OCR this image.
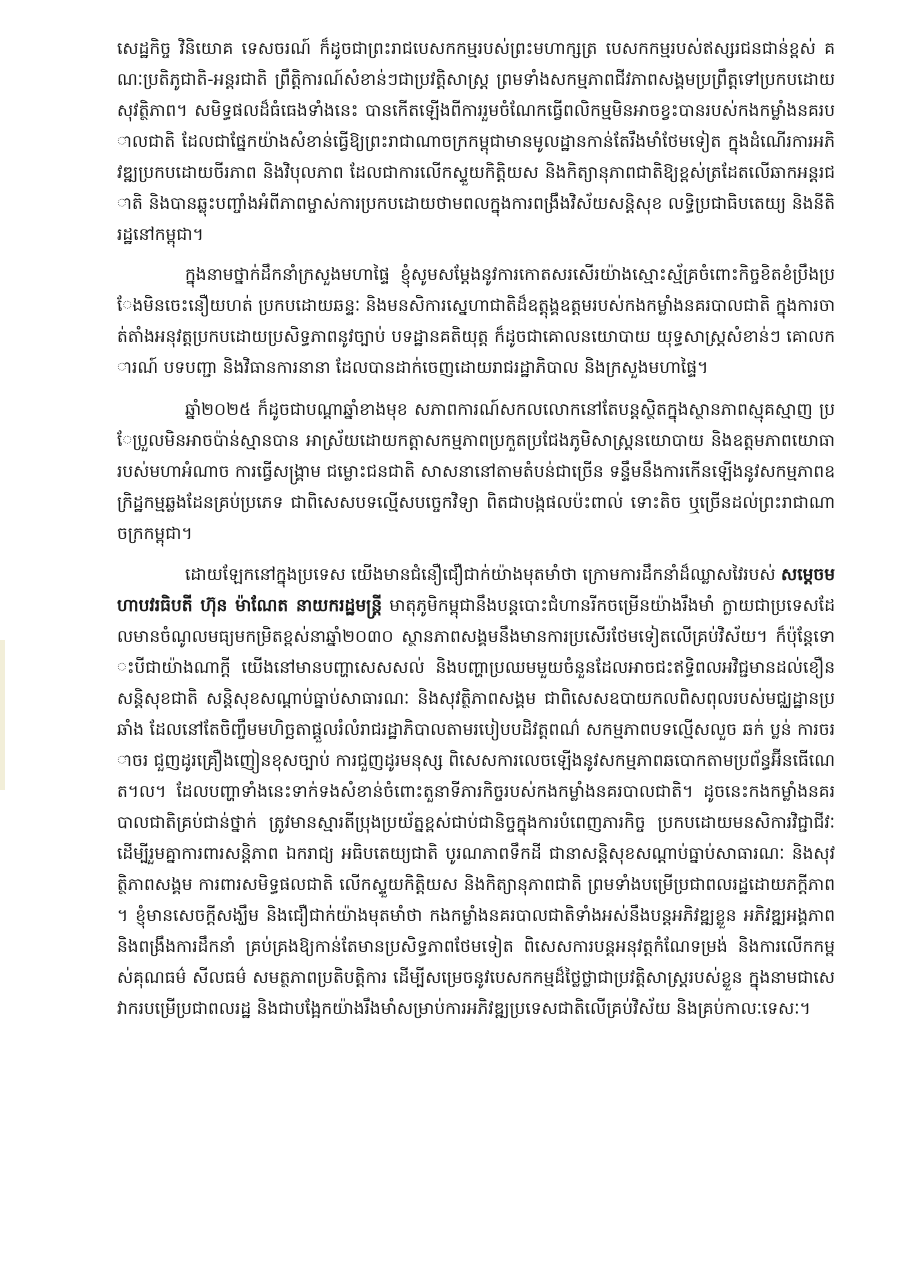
សេដ្ឋកិច្ច វិនិយោគ ទេសចរណ៍ ក៏ដូចជាព្រះរាជបេសកកម្មរបស់ព្រះមហាក្សត្រ បេសកកម្មរបស់ឥស្សរជនជាន់ខ្ពស់ គណៈប្រតិភូជាតិ-អន្តរជាតិ ព្រឹត្តិការណ៍សំខាន់ៗជាប្រវត្តិសាស្ត្រ ព្រមទាំងសកម្មភាពជីវភាពសង្គមប្រព្រឹត្តទៅប្រកបដោយសុវត្ថិភាព។ សមិទ្ធផលដ៏ធំធេងទាំងនេះ បានកើតឡើងពីការរួមចំណែកធ្វើពលិកម្មមិនអាចខ្វះបានរបស់កងកម្លាំងនគរបាលជាតិ ដែលជាផ្នែកយ៉ាងសំខាន់ធ្វើឱ្យព្រះរាជាណាចក្រកម្ពុជាមានមូលដ្ឋានកាន់តែរឹងមាំថែមទៀត ក្នុងដំណើរការអភិវឌ្ឍប្រកបដោយចីរភាព និងវិបុលភាព ដែលជាការលើកស្ទួយកិត្តិយស និងកិត្យានុភាពជាតិឱ្យខ្ពស់ត្រដែតលើឆាកអន្តរជាតិ និងបានឆ្លុះបញ្ចាំងអំពីភាពម្ចាស់ការប្រកបដោយថាមពលក្នុងការពង្រឹងវិស័យសន្តិសុខ លទ្ធិប្រជាធិបតេយ្យ និងនីតិរដ្ឋនៅកម្ពុជា។

ក្នុងនាមថ្នាក់ដឹកនាំក្រសួងមហាផ្ទៃ ខ្ញុំសូមសម្តែងនូវការកោតសរសើរយ៉ាងស្មោះស្ម័គ្រចំពោះកិច្ចខិតខំប្រឹងប្រែងមិនចេះនឿយហត់ ប្រកបដោយឆន្ទៈ និងមនសិការស្នេហាជាតិដ៏ឧត្តុង្គឧត្តមរបស់កងកម្លាំងនគរបាលជាតិ ក្នុងការចាត់តាំងអនុវត្តប្រកបដោយប្រសិទ្ធភាពនូវច្បាប់ បទដ្ឋានគតិយុត្ត ក៏ដូចជាគោលនយោបាយ យុទ្ធសាស្ត្រសំខាន់ៗ គោលការណ៍ បទបញ្ជា និងវិធានការនានា ដែលបានដាក់ចេញដោយរាជរដ្ឋាភិបាល និងក្រសួងមហាផ្ទៃ។

ឆ្នាំ២០២៥ ក៏ដូចជាបណ្តាឆ្នាំខាងមុខ សភាពការណ៍សកលលោកនៅតែបន្តស្ថិតក្នុងស្ថានភាពស្មុគស្មាញ ប្រែប្រួលមិនអាចប៉ាន់ស្មានបាន អាស្រ័យដោយកត្តាសកម្មភាពប្រកួតប្រជែងភូមិសាស្ត្រនយោបាយ និងឧត្តមភាពយោធារបស់មហាអំណាច ការធ្វើសង្គ្រាម ជម្លោះជនជាតិ សាសនានៅតាមតំបន់ជាច្រើន ទន្ទឹមនឹងការកើនឡើងនូវសកម្មភាពឧក្រិដ្ឋកម្មឆ្លងដែនគ្រប់ប្រភេទ ជាពិសេសបទល្មើសបច្ចេកវិទ្យា ពិតជាបង្កផលប៉ះពាល់ ទោះតិច ឬច្រើនដល់ព្រះរាជាណាចក្រកម្ពុជា។

ដោយឡែកនៅក្នុងប្រទេស យើងមានជំនឿជឿជាក់យ៉ាងមុតមាំថា ក្រោមការដឹកនាំដ៏ឈ្លាសវៃរបស់ សម្តេចមហាបវរធិបតី ហ៊ុន ម៉ាណែត នាយករដ្ឋមន្ត្រី មាតុភូមិកម្ពុជានឹងបន្តបោះជំហានរីកចម្រើនយ៉ាងរឹងមាំ ក្លាយជាប្រទេសដែលមានចំណូលមធ្យមកម្រិតខ្ពស់នាឆ្នាំ២០៣០ ស្ថានភាពសង្គមនឹងមានការប្រសើរថែមទៀតលើគ្រប់វិស័យ។ ក៏ប៉ុន្តែទោះបីជាយ៉ាងណាក្តី យើងនៅមានបញ្ហាសេសសល់ និងបញ្ហាប្រឈមមួយចំនួនដែលអាចជះឥទ្ធិពលអវិជ្ជមានដល់ខឿនសន្តិសុខជាតិ សន្តិសុខសណ្តាប់ធ្នាប់សាធារណៈ និងសុវត្ថិភាពសង្គម ជាពិសេសឧបាយកលពិសពុលរបស់មជ្ឈដ្ឋានប្រឆាំង ដែលនៅតែចិញ្ចឹមមហិច្ឆតាផ្តួលរំលំរាជរដ្ឋាភិបាលតាមរបៀបបដិវត្តពណ៌ សកម្មភាពបទល្មើសលួច ឆក់ ប្លន់ ការចរាចរ ជួញដូរគ្រឿងញៀនខុសច្បាប់ ការជួញដូរមនុស្ស ពិសេសការលេចឡើងនូវសកម្មភាពឆបោកតាមប្រព័ន្ធអ៊ីនធើណេត។ល។ ដែលបញ្ហាទាំងនេះទាក់ទងសំខាន់ចំពោះតួនាទីភារកិច្ចរបស់កងកម្លាំងនគរបាលជាតិ។ ដូចនេះកងកម្លាំងនគរបាលជាតិគ្រប់ជាន់ថ្នាក់ ត្រូវមានស្មារតីប្រុងប្រយ័ត្នខ្ពស់ជាប់ជានិច្ចក្នុងការបំពេញភារកិច្ច ប្រកបដោយមនសិការវិជ្ជាជីវៈ ដើម្បីរួមគ្នាការពារសន្តិភាព ឯករាជ្យ អធិបតេយ្យជាតិ បូរណភាពទឹកដី ជានាសន្តិសុខសណ្តាប់ធ្នាប់សាធារណៈ និងសុវត្ថិភាពសង្គម ការពារសមិទ្ធផលជាតិ លើកស្ទួយកិត្តិយស និងកិត្យានុភាពជាតិ ព្រមទាំងបម្រើប្រជាពលរដ្ឋដោយភក្តីភាព។ ខ្ញុំមានសេចក្តីសង្ឃឹម និងជឿជាក់យ៉ាងមុតមាំថា កងកម្លាំងនគរបាលជាតិទាំងអស់នឹងបន្តអភិវឌ្ឍខ្លួន អភិវឌ្ឍអង្គភាព និងពង្រឹងការដឹកនាំ គ្រប់គ្រងឱ្យកាន់តែមានប្រសិទ្ធភាពថែមទៀត ពិសេសការបន្តអនុវត្តកំណែទម្រង់ និងការលើកកម្ពស់គុណធម៌ សីលធម៌ សមត្ថភាពប្រតិបត្តិការ ដើម្បីសម្រេចនូវបេសកកម្មដ៏ថ្លៃថ្លាជាប្រវត្តិសាស្ត្ររបស់ខ្លួន ក្នុងនាមជាសេវាករបម្រើប្រជាពលរដ្ឋ និងជាបង្អែកយ៉ាងរឹងមាំសម្រាប់ការអភិវឌ្ឍប្រទេសជាតិលើគ្រប់វិស័យ និងគ្រប់កាលៈទេសៈ។
